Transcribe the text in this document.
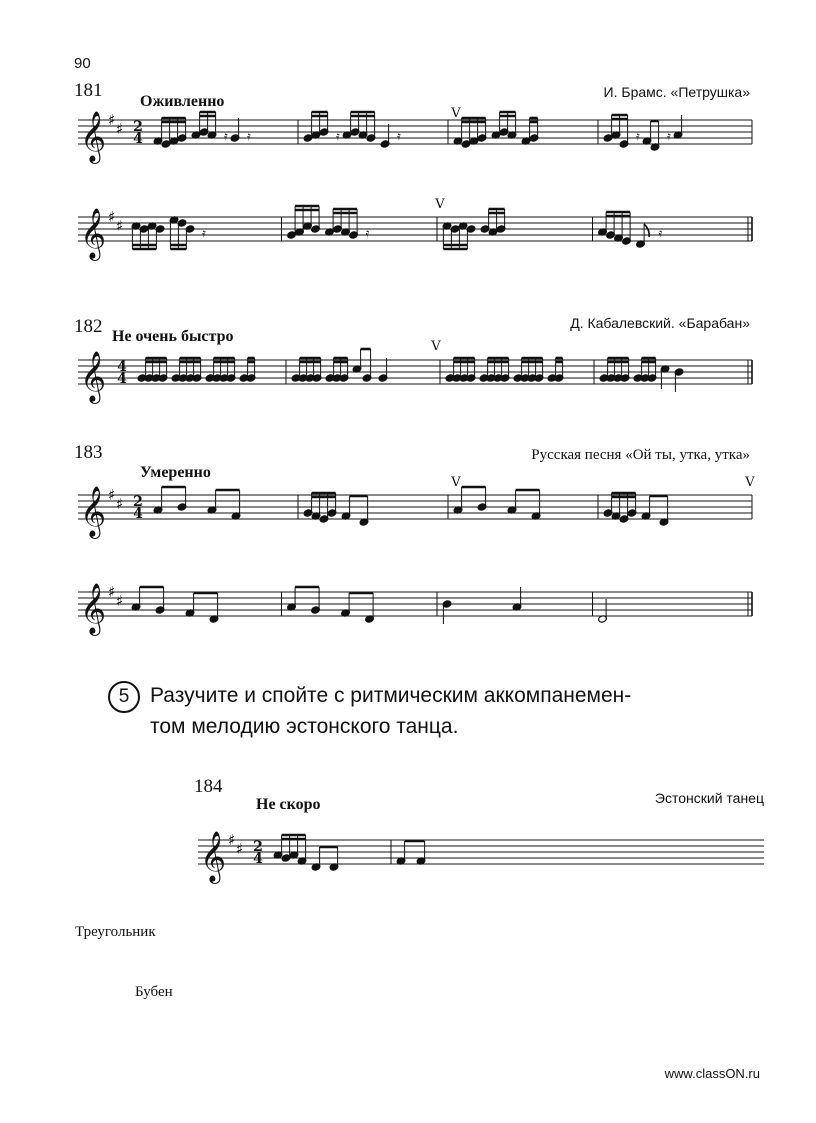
90
181
Оживленно
И. Брамс. «Петрушка»
182 Не очень быстро
Д. Кабалевский. «Барабан»
183
Умеренно
Русская песня «Ой ты, утка, утка»
5 Разучите и спойте с ритмическим аккомпанемен-
том мелодию эстонского танца.
184
Не скоро	Эстонский танец
Треугольник
Бубен
www.classON.ru
𝄞 ♯ ♯ 2
4	𝄿 𝄿	𝄿	𝄿	𝄿 𝄿
V
𝄞 ♯ ♯	𝄿	𝄿	𝄿
V
𝄞 4
4
V
𝄞 ♯ ♯ 2
4
V	V
𝄞 ♯ ♯
𝄞 ♯ ♯ 2
4
